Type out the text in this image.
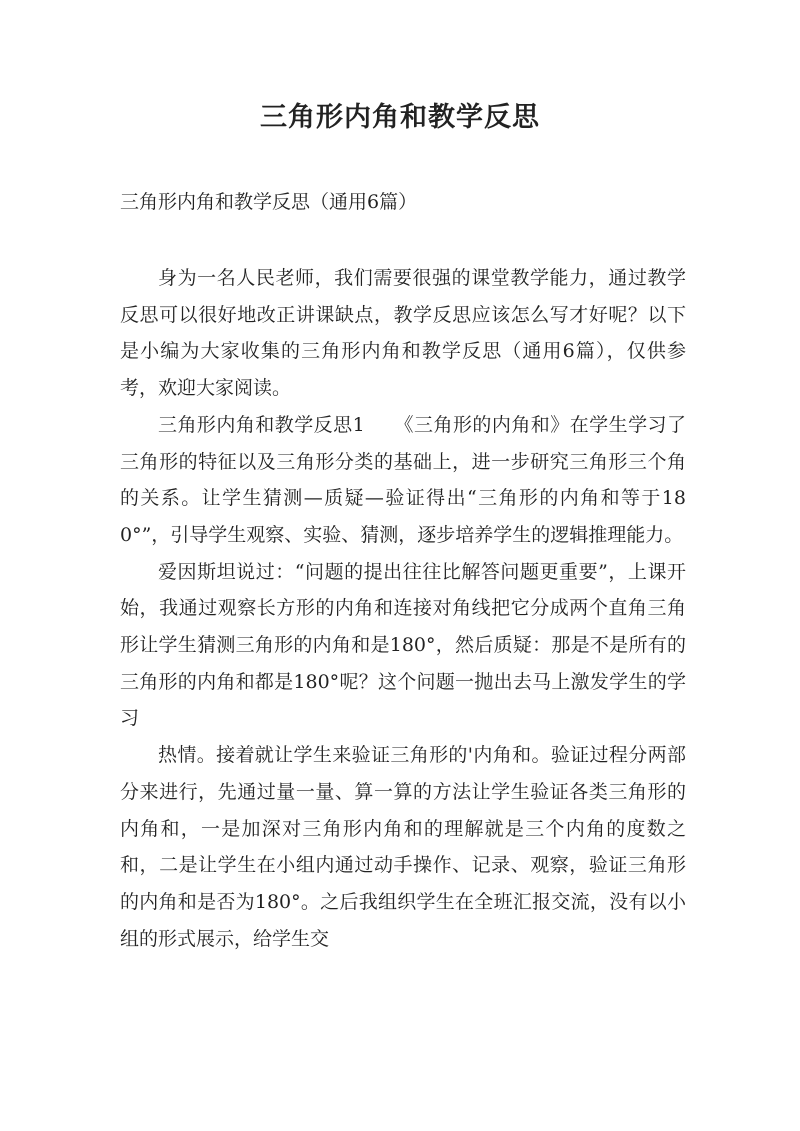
三角形内角和教学反思

三角形内角和教学反思（通用6篇）

身为一名人民老师，我们需要很强的课堂教学能力，通过教学反思可以很好地改正讲课缺点，教学反思应该怎么写才好呢？以下是小编为大家收集的三角形内角和教学反思（通用6篇），仅供参考，欢迎大家阅读。

三角形内角和教学反思1　　《三角形的内角和》在学生学习了三角形的特征以及三角形分类的基础上，进一步研究三角形三个角的关系。让学生猜测—质疑—验证得出“三角形的内角和等于180°”，引导学生观察、实验、猜测，逐步培养学生的逻辑推理能力。

爱因斯坦说过：“问题的提出往往比解答问题更重要”，上课开始，我通过观察长方形的内角和连接对角线把它分成两个直角三角形让学生猜测三角形的内角和是180°，然后质疑：那是不是所有的三角形的内角和都是180°呢？这个问题一抛出去马上激发学生的学习

热情。接着就让学生来验证三角形的'内角和。验证过程分两部分来进行，先通过量一量、算一算的方法让学生验证各类三角形的内角和，一是加深对三角形内角和的理解就是三个内角的度数之和，二是让学生在小组内通过动手操作、记录、观察，验证三角形的内角和是否为180°。之后我组织学生在全班汇报交流，没有以小组的形式展示，给学生交
